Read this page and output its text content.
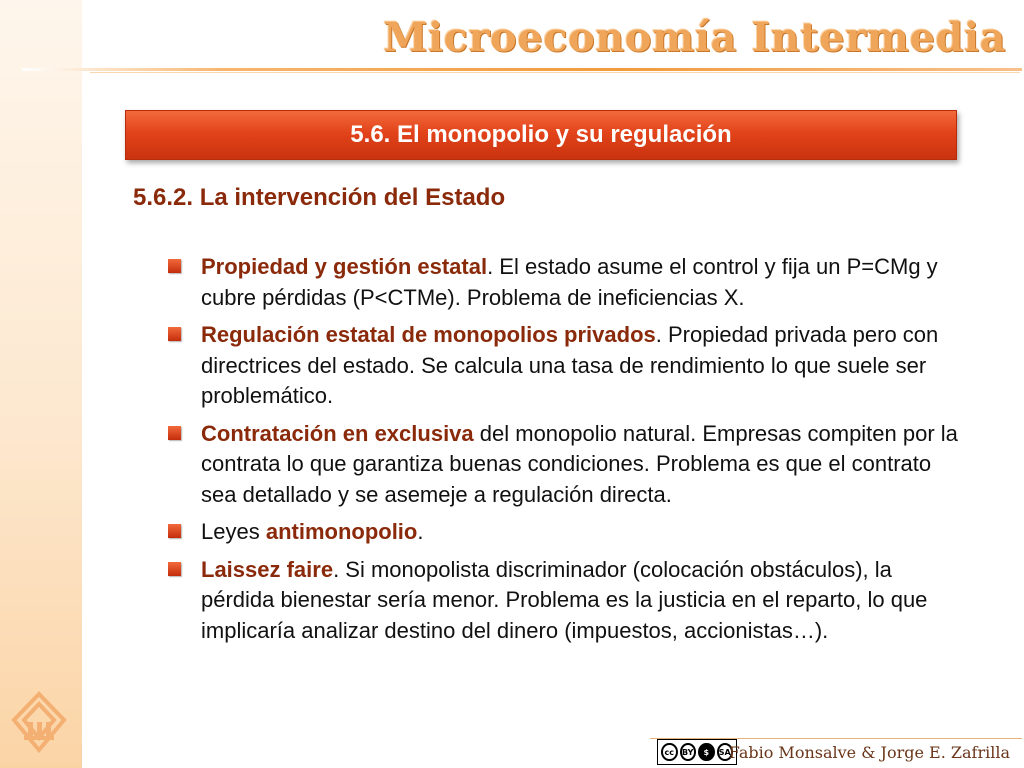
Microeconomía Intermedia
5.6. El monopolio y su regulación
5.6.2. La intervención del Estado
Propiedad y gestión estatal. El estado asume el control y fija un P=CMg y cubre pérdidas (P<CTMe). Problema de ineficiencias X.
Regulación estatal de monopolios privados. Propiedad privada pero con directrices del estado. Se calcula una tasa de rendimiento lo que suele ser problemático.
Contratación en exclusiva del monopolio natural. Empresas compiten por la contrata lo que garantiza buenas condiciones. Problema es que el contrato sea detallado y se asemeje a regulación directa.
Leyes antimonopolio.
Laissez faire. Si monopolista discriminador (colocación obstáculos), la pérdida bienestar sería menor. Problema es la justicia en el reparto, lo que implicaría analizar destino del dinero (impuestos, accionistas…).
cc	BY	$	SA
Fabio Monsalve & Jorge E. Zafrilla
